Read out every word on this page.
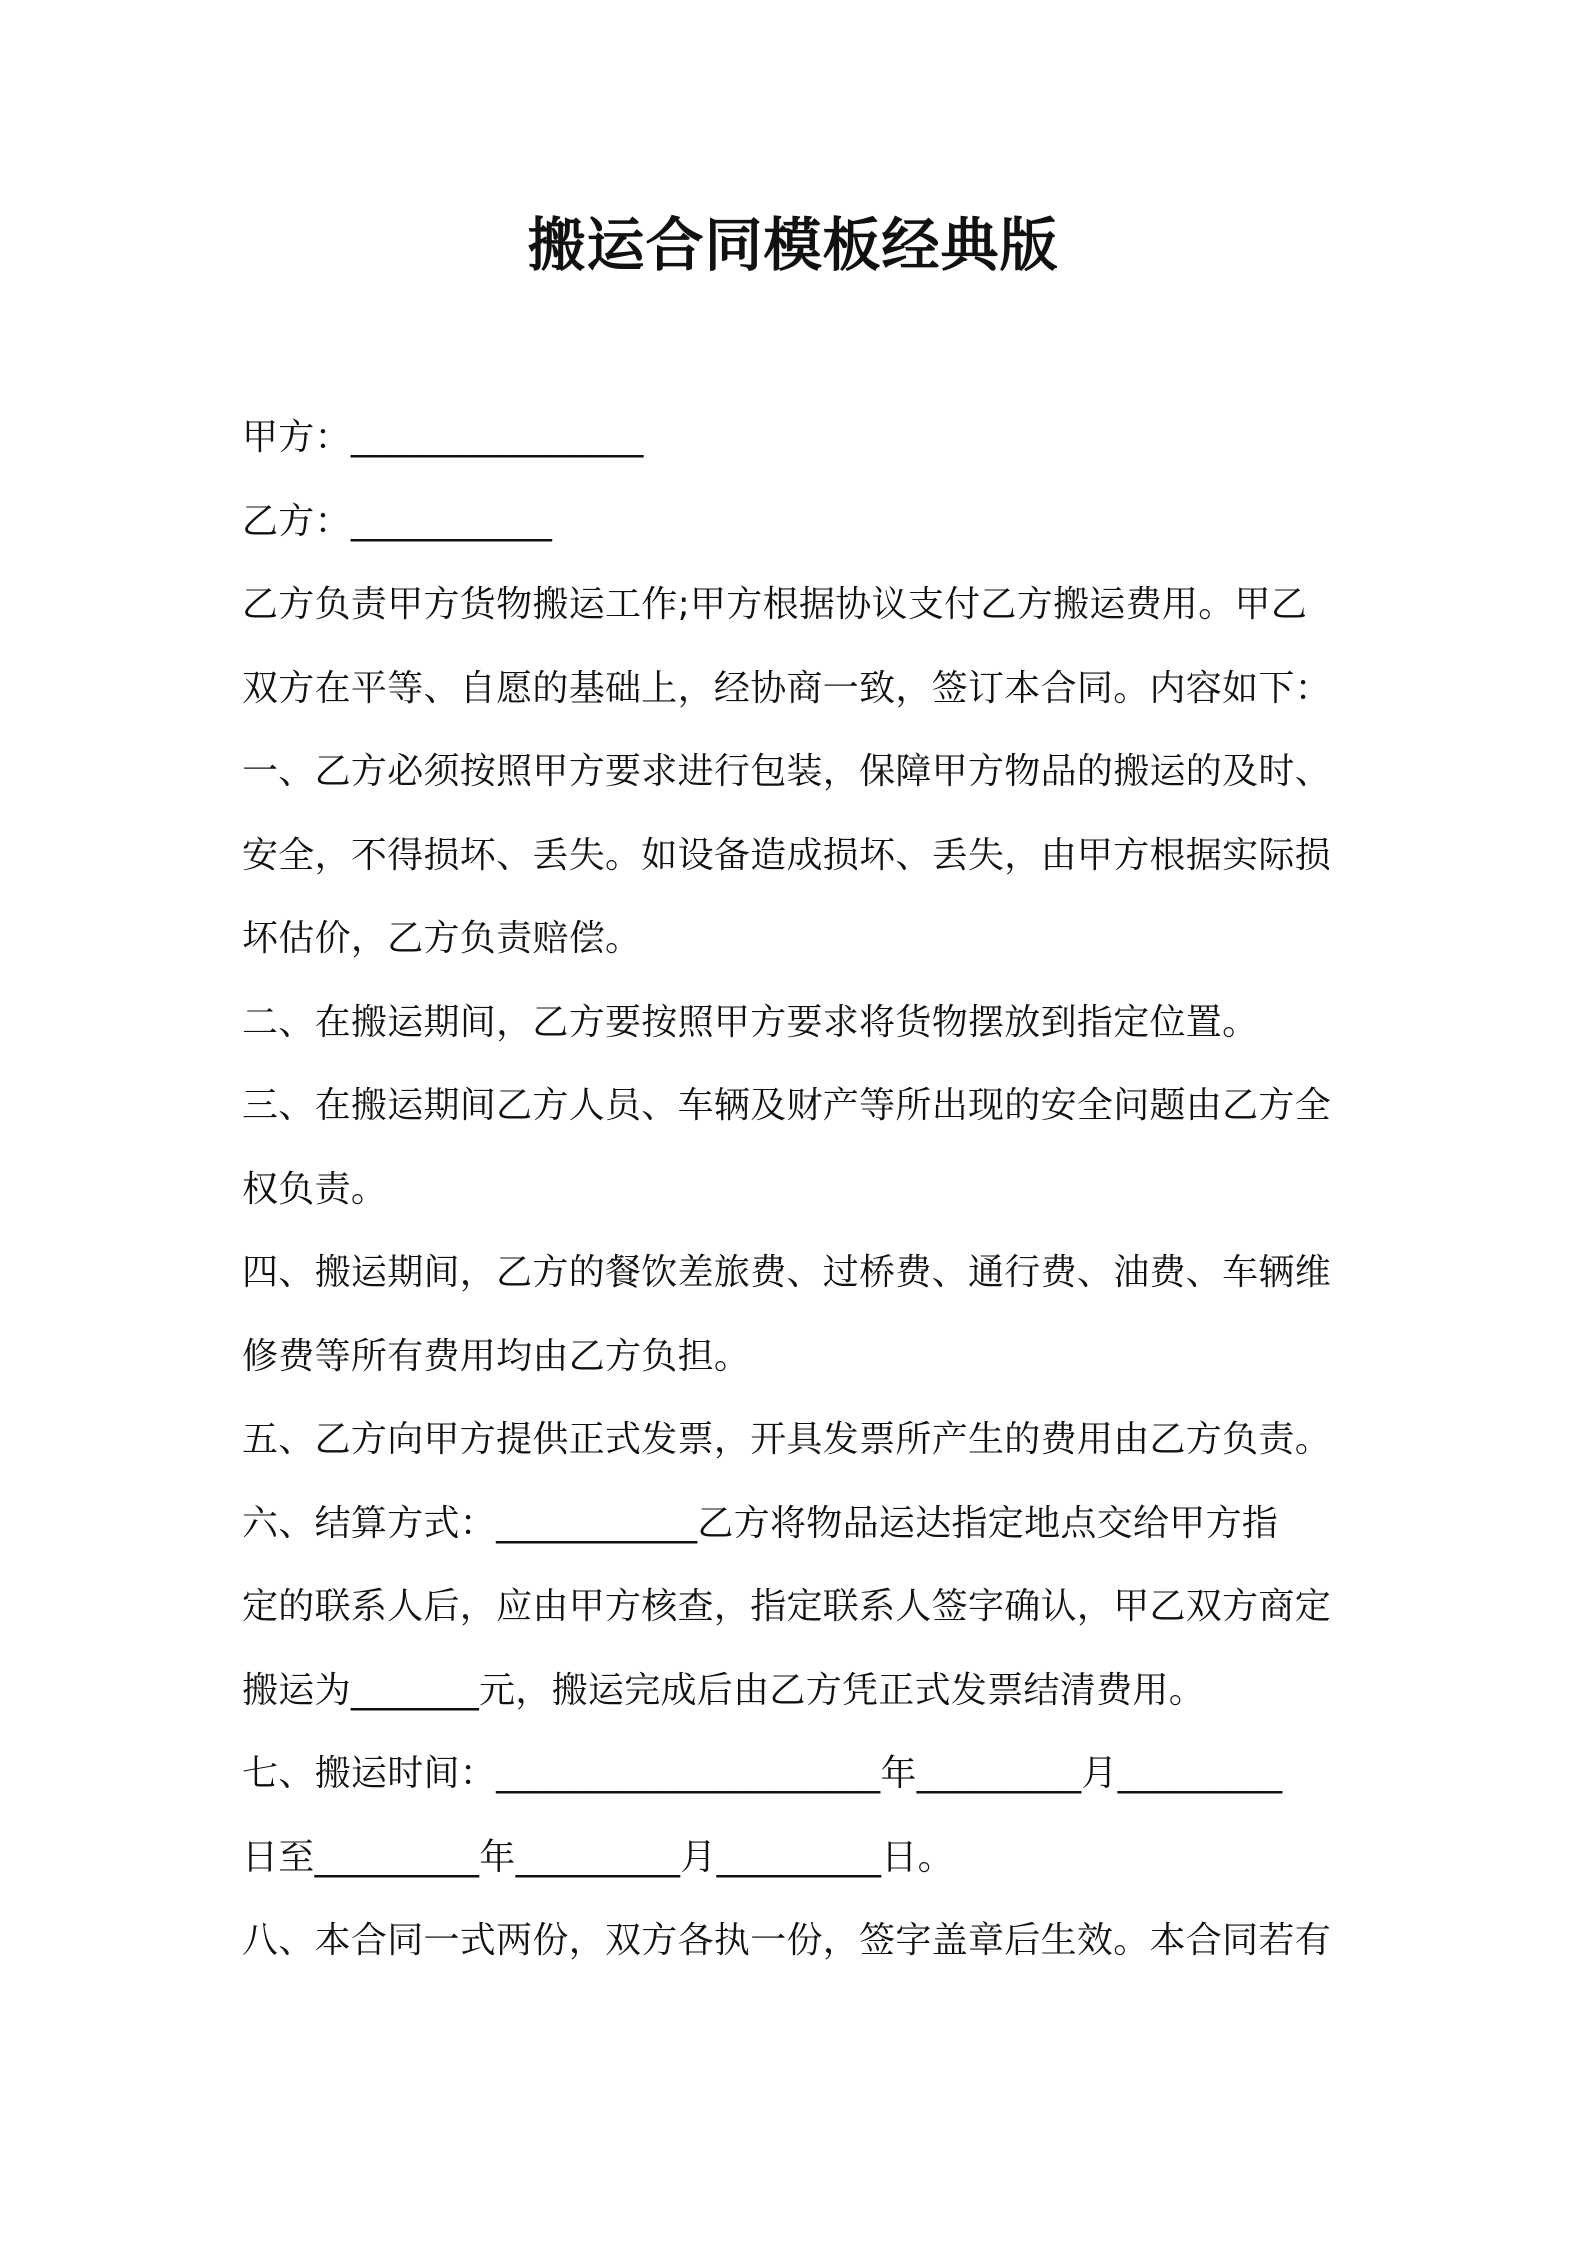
搬运合同模板经典版
甲方：________________
乙方：___________
乙方负责甲方货物搬运工作;甲方根据协议支付乙方搬运费用。甲乙
双方在平等、自愿的基础上，经协商一致，签订本合同。内容如下：
一、乙方必须按照甲方要求进行包装，保障甲方物品的搬运的及时、
安全，不得损坏、丢失。如设备造成损坏、丢失，由甲方根据实际损
坏估价，乙方负责赔偿。
二、在搬运期间，乙方要按照甲方要求将货物摆放到指定位置。
三、在搬运期间乙方人员、车辆及财产等所出现的安全问题由乙方全
权负责。
四、搬运期间，乙方的餐饮差旅费、过桥费、通行费、油费、车辆维
修费等所有费用均由乙方负担。
五、乙方向甲方提供正式发票，开具发票所产生的费用由乙方负责。
六、结算方式：___________乙方将物品运达指定地点交给甲方指
定的联系人后，应由甲方核查，指定联系人签字确认，甲乙双方商定
搬运为_______元，搬运完成后由乙方凭正式发票结清费用。
七、搬运时间：_____________________年_________月_________
日至_________年_________月_________日。
八、本合同一式两份，双方各执一份，签字盖章后生效。本合同若有
